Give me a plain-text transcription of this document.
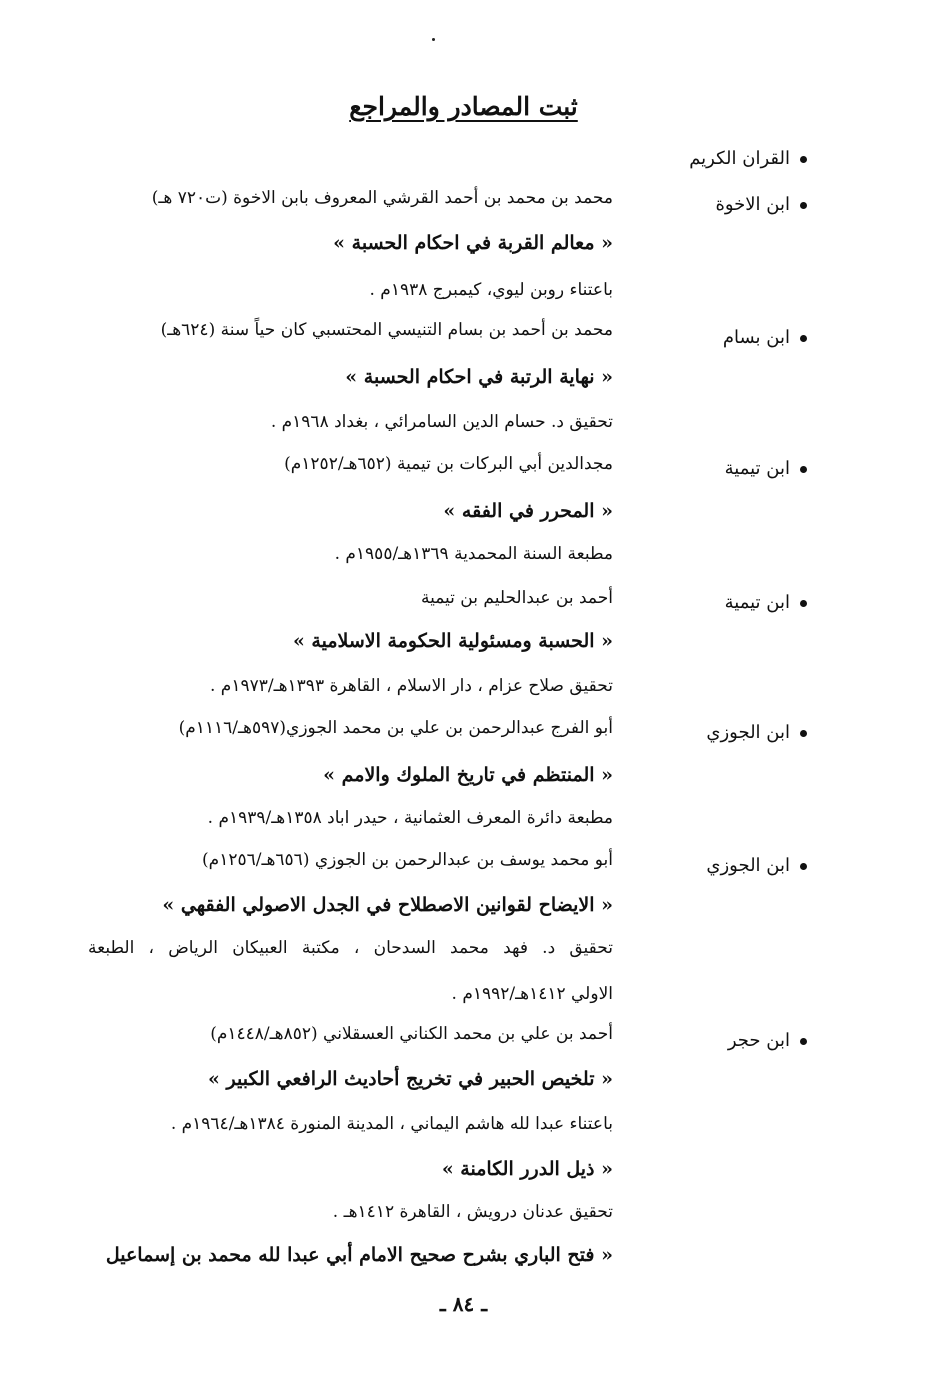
ثبت المصادر والمراجع
القران الكريم
ابن الاخوة
محمد بن محمد بن أحمد القرشي المعروف بابن الاخوة (ت٧٢٠ هـ)
« معالم القربة في احكام الحسبة »
باعتناء روبن ليوي، كيمبرج ١٩٣٨م .
ابن بسام
محمد بن أحمد بن بسام التنيسي المحتسبي كان حياً سنة (٦٢٤هـ)
« نهاية الرتبة في احكام الحسبة »
تحقيق د. حسام الدين السامرائي ، بغداد ١٩٦٨م .
ابن تيمية
مجدالدين أبي البركات بن تيمية (٦٥٢هـ/١٢٥٢م)
« المحرر في الفقه »
مطبعة السنة المحمدية ١٣٦٩هـ/١٩٥٥م .
ابن تيمية
أحمد بن عبدالحليم بن تيمية
« الحسبة ومسئولية الحكومة الاسلامية »
تحقيق صلاح عزام ، دار الاسلام ، القاهرة ١٣٩٣هـ/١٩٧٣م .
ابن الجوزي
أبو الفرج عبدالرحمن بن علي بن محمد الجوزي(٥٩٧هـ/١١١٦م)
« المنتظم في تاريخ الملوك والامم »
مطبعة دائرة المعرف العثمانية ، حيدر اباد ١٣٥٨هـ/١٩٣٩م .
ابن الجوزي
أبو محمد يوسف بن عبدالرحمن بن الجوزي (٦٥٦هـ/١٢٥٦م)
« الايضاح لقوانين الاصطلاح في الجدل الاصولي الفقهي »
تحقيق د. فهد محمد السدحان ، مكتبة العبيكان الرياض ، الطبعة
الاولي ١٤١٢هـ/١٩٩٢م .
ابن حجر
أحمد بن علي بن محمد الكناني العسقلاني (٨٥٢هـ/١٤٤٨م)
« تلخيص الحبير في تخريج أحاديث الرافعي الكبير »
باعتناء عبدا لله هاشم اليماني ، المدينة المنورة ١٣٨٤هـ/١٩٦٤م .
« ذيل الدرر الكامنة »
تحقيق عدنان درويش ، القاهرة ١٤١٢هـ .
« فتح الباري بشرح صحيح الامام أبي عبدا لله محمد بن إسماعيل
ـ ٨٤ ـ
